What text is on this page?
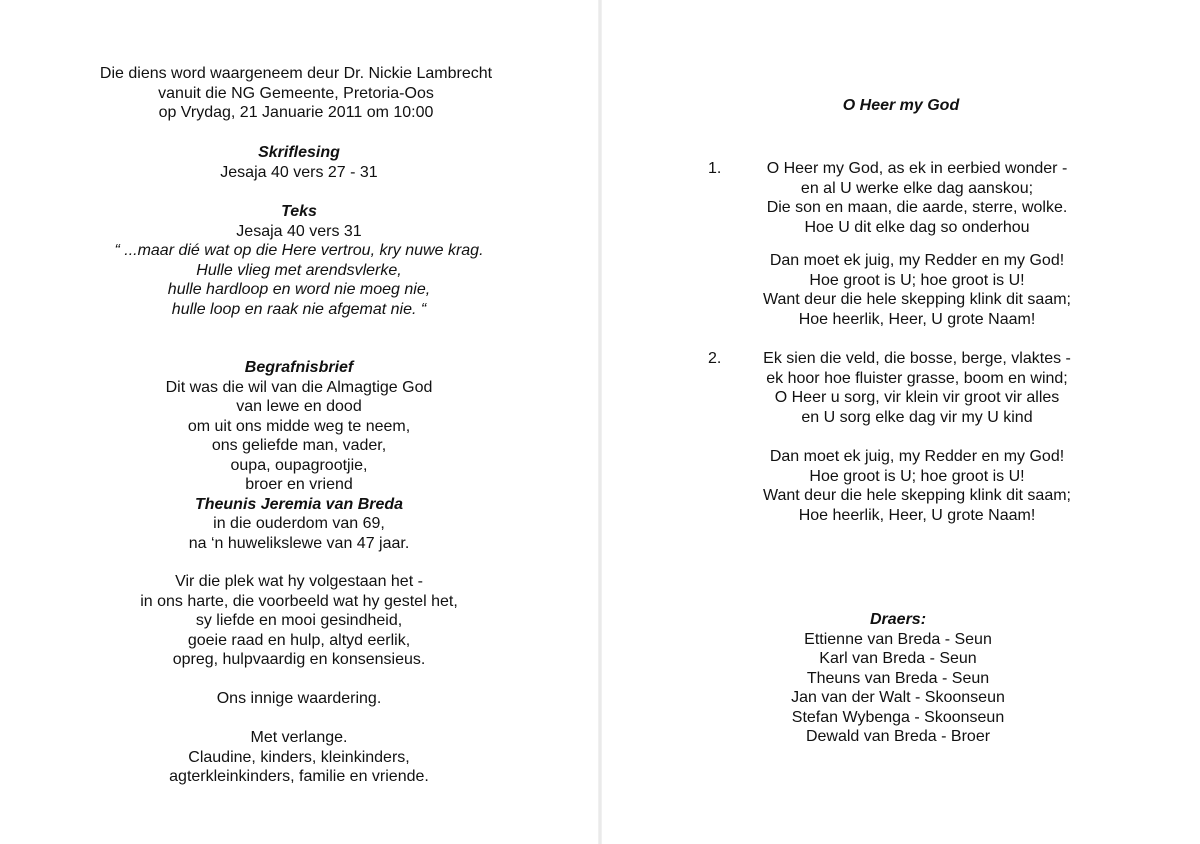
Die diens word waargeneem deur Dr. Nickie Lambrecht
vanuit die NG Gemeente, Pretoria-Oos
op Vrydag, 21 Januarie 2011 om 10:00
Skriflesing
Jesaja 40 vers 27 - 31
Teks
Jesaja 40 vers 31
“ ...maar dié wat op die Here vertrou, kry nuwe krag.
Hulle vlieg met arendsvlerke,
hulle hardloop en word nie moeg nie,
hulle loop en raak nie afgemat nie. “
Begrafnisbrief
Dit was die wil van die Almagtige God
van lewe en dood
om uit ons midde weg te neem,
ons geliefde man, vader,
oupa, oupagrootjie,
broer en vriend
Theunis Jeremia van Breda
in die ouderdom van 69,
na ‘n huwelikslewe van 47 jaar.
Vir die plek wat hy volgestaan het -
in ons harte, die voorbeeld wat hy gestel het,
sy liefde en mooi gesindheid,
goeie raad en hulp, altyd eerlik,
opreg, hulpvaardig en konsensieus.
Ons innige waardering.
Met verlange.
Claudine, kinders, kleinkinders,
agterkleinkinders, familie en vriende.
O Heer my God
1.	O Heer my God, as ek in eerbied wonder -
en al U werke elke dag aanskou;
Die son en maan, die aarde, sterre, wolke.
Hoe U dit elke dag so onderhou
Dan moet ek juig, my Redder en my God!
Hoe groot is U; hoe groot is U!
Want deur die hele skepping klink dit saam;
Hoe heerlik, Heer, U grote Naam!
2.	Ek sien die veld, die bosse, berge, vlaktes -
ek hoor hoe fluister grasse, boom en wind;
O Heer u sorg, vir klein vir groot vir alles
en U sorg elke dag vir my U kind
Dan moet ek juig, my Redder en my God!
Hoe groot is U; hoe groot is U!
Want deur die hele skepping klink dit saam;
Hoe heerlik, Heer, U grote Naam!
Draers:
Ettienne van Breda - Seun
Karl van Breda - Seun
Theuns van Breda - Seun
Jan van der Walt - Skoonseun
Stefan Wybenga - Skoonseun
Dewald van Breda - Broer
